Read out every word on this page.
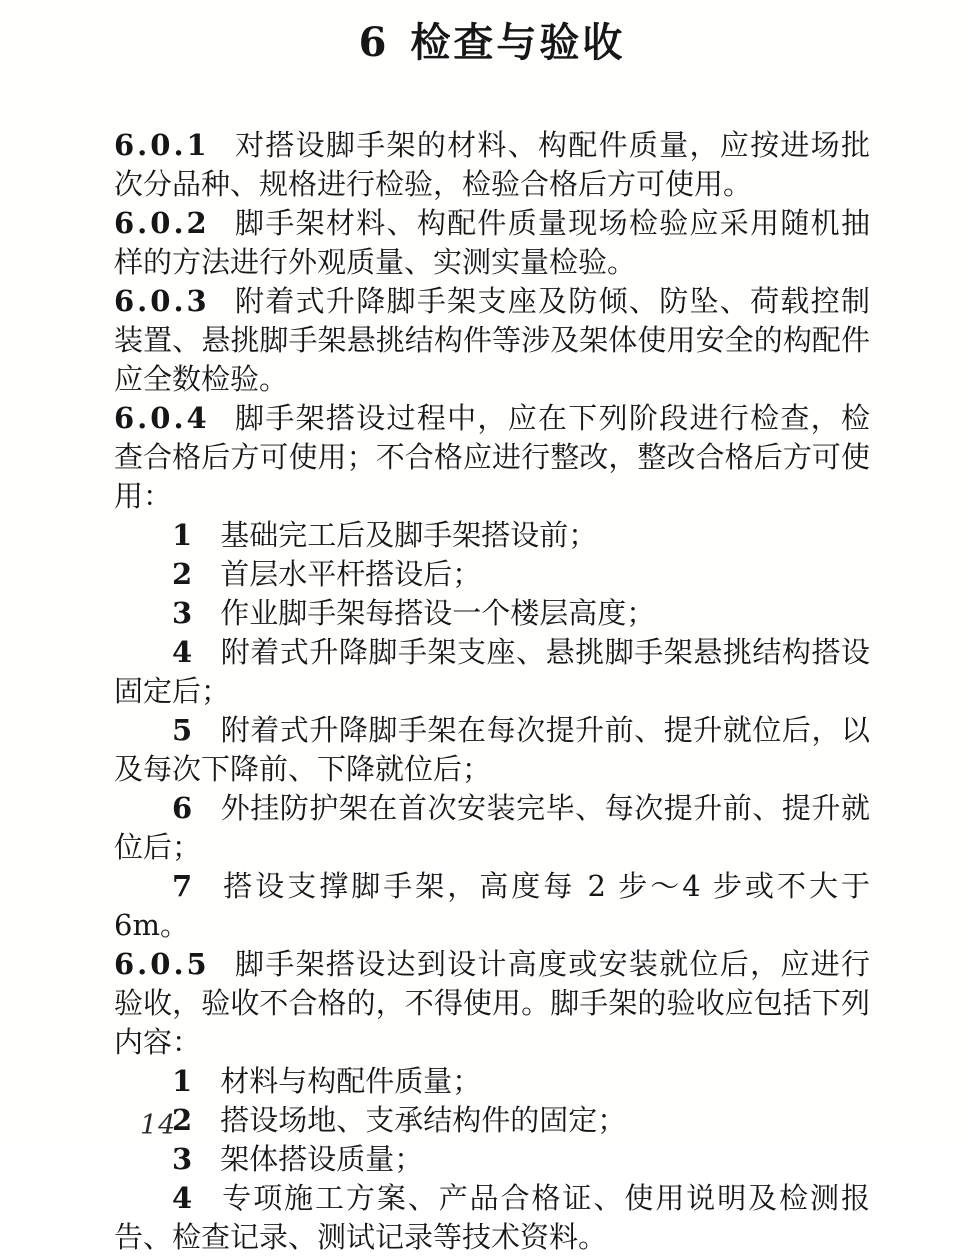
6 检查与验收

6.0.1 对搭设脚手架的材料、构配件质量，应按进场批次分品种、规格进行检验，检验合格后方可使用。

6.0.2 脚手架材料、构配件质量现场检验应采用随机抽样的方法进行外观质量、实测实量检验。

6.0.3 附着式升降脚手架支座及防倾、防坠、荷载控制装置、悬挑脚手架悬挑结构件等涉及架体使用安全的构配件应全数检验。

6.0.4 脚手架搭设过程中，应在下列阶段进行检查，检查合格后方可使用；不合格应进行整改，整改合格后方可使用：

1 基础完工后及脚手架搭设前；

2 首层水平杆搭设后；

3 作业脚手架每搭设一个楼层高度；

4 附着式升降脚手架支座、悬挑脚手架悬挑结构搭设固定后；

5 附着式升降脚手架在每次提升前、提升就位后，以及每次下降前、下降就位后；

6 外挂防护架在首次安装完毕、每次提升前、提升就位后；

7 搭设支撑脚手架，高度每 2 步～4 步或不大于 6m。

6.0.5 脚手架搭设达到设计高度或安装就位后，应进行验收，验收不合格的，不得使用。脚手架的验收应包括下列内容：

1 材料与构配件质量；

2 搭设场地、支承结构件的固定；

3 架体搭设质量；

4 专项施工方案、产品合格证、使用说明及检测报告、检查记录、测试记录等技术资料。

14
